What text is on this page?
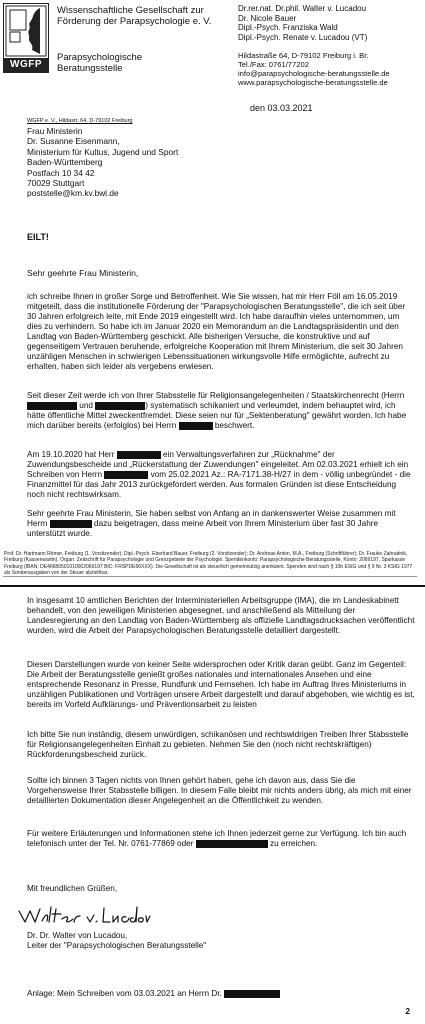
WGFP
Wissenschaftliche Gesellschaft zur
Förderung der Parapsychologie e. V.
Parapsychologische
Beratungsstelle
Dr.rer.nat. Dr.phil. Walter v. Lucadou
Dr. Nicole Bauer
Dipl.-Psych. Franziska Wald
Dipl.-Psych. Renate v. Lucadou (VT)
Hildastraße 64, D-79102 Freiburg i. Br.
Tel./Fax: 0761/77202
info@parapsychologische-beratungsstelle.de
www.parapsychologische-beratungsstelle.de
den 03.03.2021
WGFP e. V., Hildastr. 64, D-79102 Freiburg
Frau Ministerin
Dr. Susanne Eisenmann,
Ministerium für Kultus, Jugend und Sport
Baden-Württemberg
Postfach 10 34 42
70029 Stuttgart
poststelle@km.kv.bwl.de
EILT!
Sehr geehrte Frau Ministerin,

ich schreibe Ihnen in großer Sorge und Betroffenheit. Wie Sie wissen, hat mir Herr Föll am 16.05.2019 mitgeteilt, dass die institutionelle Förderung der "Parapsychologischen Beratungsstelle", die ich seit über 30 Jahren erfolgreich leite, mit Ende 2019 eingestellt wird. Ich habe daraufhin vieles unternommen, um dies zu verhindern. So habe ich im Januar 2020 ein Memorandum an die Landtagspräsidentin und den Landtag von Baden-Württemberg geschickt. Alle bisherigen Versuche, die konstruktive und auf gegenseitigem Vertrauen beruhende, erfolgreiche Kooperation mit Ihrem Ministerium, die seit 30 Jahren unzähligen Menschen in schwierigen Lebenssituationen wirkungsvolle Hilfe ermöglichte, aufrecht zu erhalten, haben sich leider als vergebens erwiesen.

Seit dieser Zeit werde ich von Ihrer Stabsstelle für Religionsangelegenheiten / Staatskirchenrecht (Herrn  und	) systematisch schikaniert und verleumdet, indem behauptet wird, ich hätte öffentliche Mittel zweckentfremdet. Diese seien nur für „Sektenberatung" gewährt worden. Ich habe mich darüber bereits (erfolglos) bei Herrn	beschwert.

Am 19.10.2020 hat Herr	ein Verwaltungsverfahren zur „Rücknahme" der Zuwendungsbescheide und „Rückerstattung der Zuwendungen" eingeleitet. Am 02.03.2021 erhielt ich ein Schreiben von Herrn	vom 25.02.2021 Az.: RA-7171.38-H/27 in dem - völlig unbegründet - die Finanzmittel für das Jahr 2013 zurückgefordert werden. Aus formalen Gründen ist diese Entscheidung noch nicht rechtswirksam.

Sehr geehrte Frau Ministerin, Sie haben selbst von Anfang an in dankenswerter Weise zusammen mit Herrn	dazu beigetragen, dass meine Arbeit von Ihrem Ministerium über fast 30 Jahre unterstützt wurde.

Prof. Dr. Hartmann Römer, Freiburg (1. Vorsitzender); Dipl.-Psych. Eberhard Bauer, Freiburg (2. Vorsitzender); Dr. Andreas Anton, M.A., Freiburg (Schriftführer); Dr. Frauke Zahradnik, Freiburg (Kassenwartin). Organ: Zeitschrift für Parapsychologie und Grenzgebiete der Psychologie. Spendenkonto: Parapsychologische Beratungsstelle, Konto: 2069197, Sparkasse Freiburg (IBAN: DE46680501010002069197 BIC: FRSPDE66XXX). Die Gesellschaft ist als steuerlich gemeinnützig anerkannt. Spenden sind nach § 10b EStG und § 9 Nr. 3 KStG 1977 als Sonderausgaben von der Steuer abziehbar.

In insgesamt 10 amtlichen Berichten der Interministeriellen Arbeitsgruppe (IMA), die im Landeskabinett behandelt, von den jeweiligen Ministerien abgesegnet, und anschließend als Mitteilung der Landesregierung an den Landtag von Baden-Württemberg als offizielle Landtagsdrucksachen veröffentlicht wurden, wird die Arbeit der Parapsychologischen Beratungsstelle detailliert dargestellt.

Diesen Darstellungen wurde von keiner Seite widersprochen oder Kritik daran geübt. Ganz im Gegenteil: Die Arbeit der Beratungsstelle genießt großes nationales und internationales Ansehen und eine entsprechende Resonanz in Presse, Rundfunk und Fernsehen. Ich habe im Auftrag Ihres Ministeriums in unzähligen Publikationen und Vorträgen unsere Arbeit dargestellt und darauf abgehoben, wie wichtig es ist, bereits im Vorfeld Aufklärungs- und Präventionsarbeit zu leisten

Ich bitte Sie nun inständig, diesem unwürdigen, schikanösen und rechtswidrigen Treiben Ihrer Stabsstelle für Religionsangelegenheiten Einhalt zu gebieten. Nehmen Sie den (noch nicht rechtskräftigen) Rückforderungsbescheid zurück.

Sollte ich binnen 3 Tagen nichts von Ihnen gehört haben, gehe ich davon aus, dass Sie die Vorgehensweise Ihrer Stabsstelle billigen. In diesem Falle bleibt mir nichts anders übrig, als mich mit einer detaillierten Dokumentation dieser Angelegenheit an die Öffentlichkeit zu wenden.

Für weitere Erläuterungen und Informationen stehe ich Ihnen jederzeit gerne zur Verfügung. Ich bin auch telefonisch unter der Tel. Nr. 0761-77869 oder	zu erreichen.

Mit freundlichen Grüßen,
Dr. Dr. Walter von Lucadou,
Leiter der "Parapsychologischen Beratungsstelle"
Anlage: Mein Schreiben vom 03.03.2021 an Herrn Dr.
2
